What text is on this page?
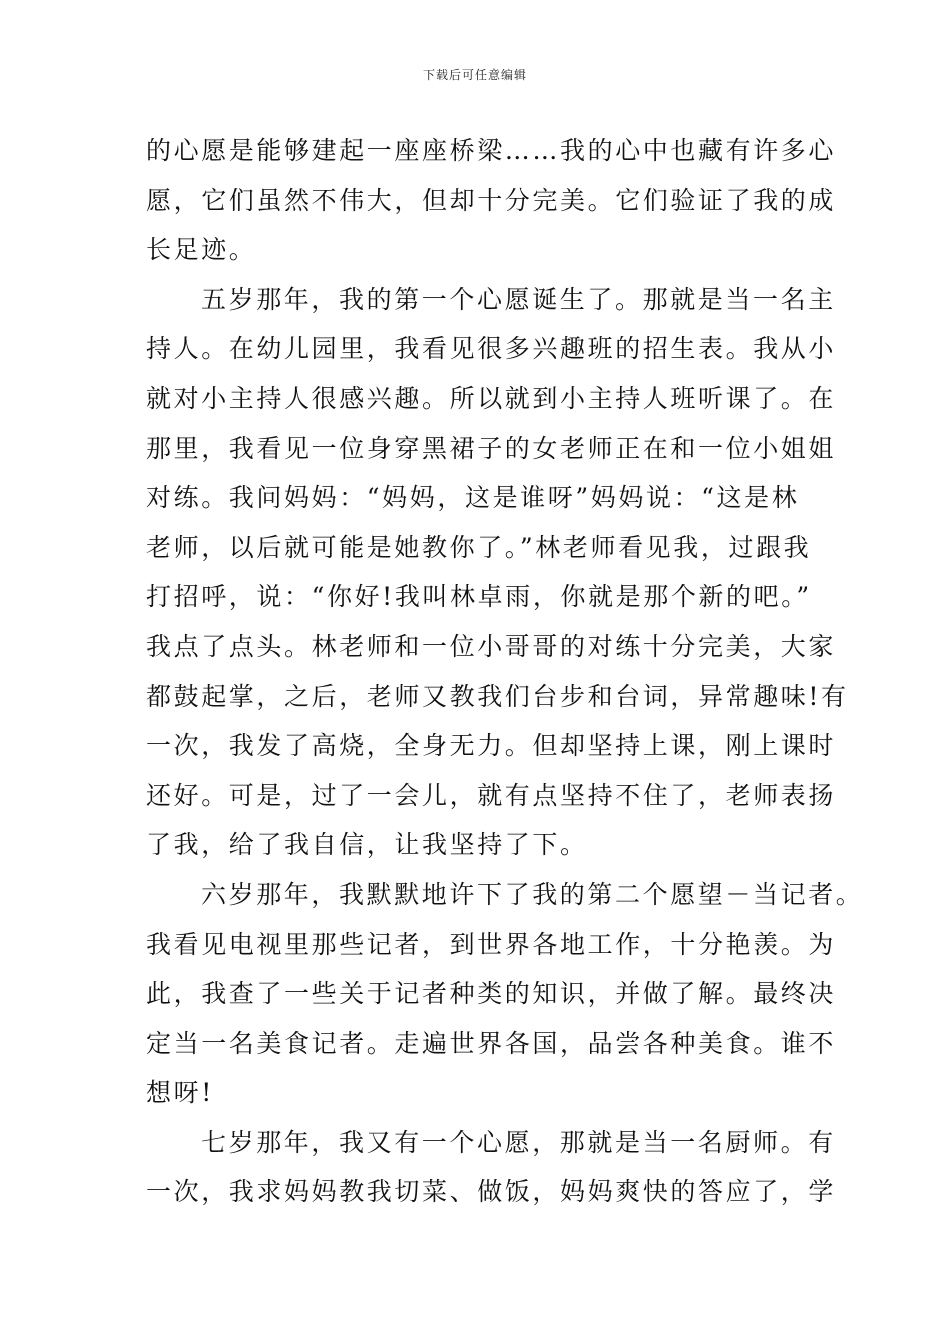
下载后可任意编辑
的心愿是能够建起一座座桥梁……我的心中也藏有许多心
愿，它们虽然不伟大，但却十分完美。它们验证了我的成
长足迹。
五岁那年，我的第一个心愿诞生了。那就是当一名主
持人。在幼儿园里，我看见很多兴趣班的招生表。我从小
就对小主持人很感兴趣。所以就到小主持人班听课了。在
那里，我看见一位身穿黑裙子的女老师正在和一位小姐姐
对练。我问妈妈：“妈妈，这是谁呀”妈妈说：“这是林
老师，以后就可能是她教你了。”林老师看见我，过跟我
打招呼，说：“你好!我叫林卓雨，你就是那个新的吧。”
我点了点头。林老师和一位小哥哥的对练十分完美，大家
都鼓起掌，之后，老师又教我们台步和台词，异常趣味!有
一次，我发了高烧，全身无力。但却坚持上课，刚上课时
还好。可是，过了一会儿，就有点坚持不住了，老师表扬
了我，给了我自信，让我坚持了下。
六岁那年，我默默地许下了我的第二个愿望－当记者。
我看见电视里那些记者，到世界各地工作，十分艳羡。为
此，我查了一些关于记者种类的知识，并做了解。最终决
定当一名美食记者。走遍世界各国，品尝各种美食。谁不
想呀!
七岁那年，我又有一个心愿，那就是当一名厨师。有
一次，我求妈妈教我切菜、做饭，妈妈爽快的答应了，学
